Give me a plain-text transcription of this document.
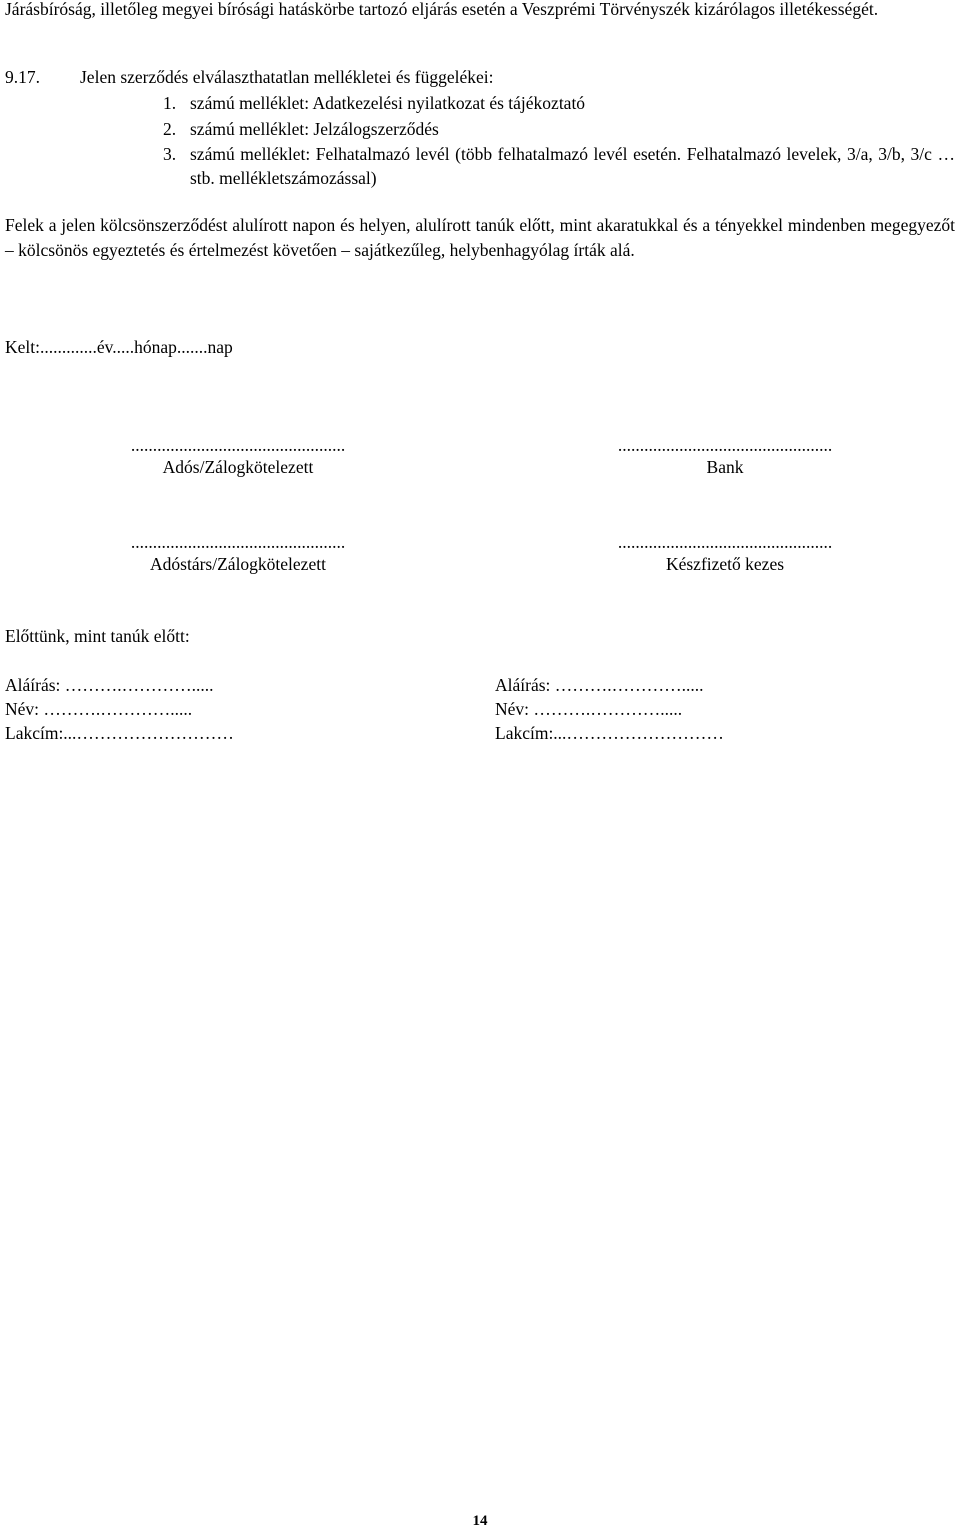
Járásbíróság, illetőleg megyei bírósági hatáskörbe tartozó eljárás esetén a Veszprémi Törvényszék kizárólagos illetékességét.
9.17. Jelen szerződés elválaszthatatlan mellékletei és függelékei:
1. számú melléklet: Adatkezelési nyilatkozat és tájékoztató
2. számú melléklet: Jelzálogszerződés
3. számú melléklet: Felhatalmazó levél (több felhatalmazó levél esetén. Felhatalmazó levelek, 3/a, 3/b, 3/c …stb. mellékletszámozással)
Felek a jelen kölcsönszerződést alulírott napon és helyen, alulírott tanúk előtt, mint akaratukkal és a tényekkel mindenben megegyezőt – kölcsönös egyeztetés és értelmezést követően – sajátkezűleg, helybenhagyólag írták alá.
Kelt:.............év.....hónap.......nap
.................................................
Adós/Zálogkötelezett
.................................................
Bank
.................................................
Adóstárs/Zálogkötelezett
.................................................
Készfizető kezes
Előttünk, mint tanúk előtt:
Aláírás: ……….………….....
Név: ……….………….....
Lakcím:...………………………
Aláírás: ……….………….....
Név: ……….………….....
Lakcím:...………………………
14
